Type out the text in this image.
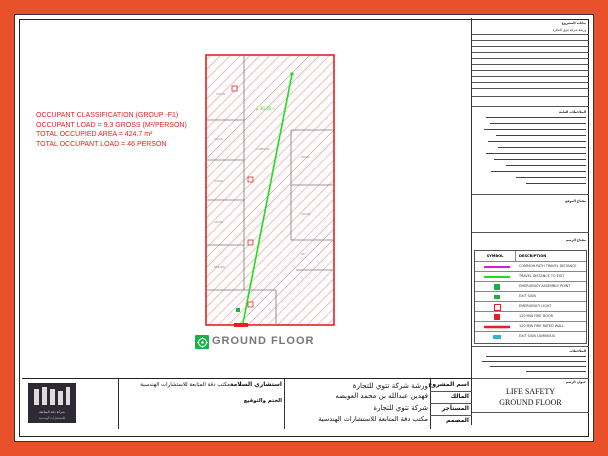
OCCUPANT CLASSIFICATION (GROUP -F1)
OCCUPANT LOAD = 9.3 GROSS (M²/PERSON)
TOTAL OCCUPIED AREA = 424.7 m²
TOTAL OCCUPANT LOAD = 46 PERSON
OFFICE
OFFICE
STORE
OFFICE
MEETING
STORE
OFFICE
WC
CORRIDOR
ا 30.30 م
GROUND FLOOR
بيانات المشروع
ورشة شركة تتوي للتجارة
الملاحظات العامة
مفتاح الموقع
مفتاح الرسم
SYMBOL	DESCRIPTION
COMMON PATH TRAVEL DISTANCE
TRAVEL DISTANCE TO EXIT
EMERGENCY ASSEMBLY POINT
EXIT SIGN
EMERGENCY LIGHT
120 MIN FIRE DOOR
120 MIN FIRE RATED WALL
EXIT SIGN LUMINOUS
الملاحظات
عنوان الرسم
LIFE SAFETY
GROUND FLOOR
شركة دقة المتابعة
للاستشارات الهندسية
استشاري السلامة
مكتب دقة المتابعة للاستشارات الهندسية
الختم والتوقيع
ورشة شركة تتوي للتجارة
فهدين عبدالله بن محمد العويضه
شركة تتوي للتجارة
مكتب دقة المتابعة للاستشارات الهندسية
اسم المشروع
المالك
المستأجر
المصمم
